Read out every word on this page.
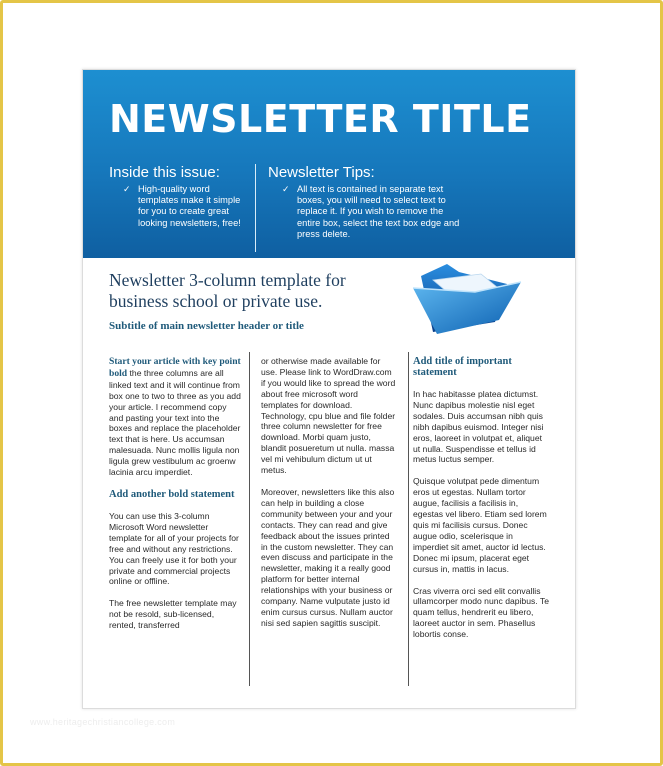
NEWSLETTER TITLE
Inside this issue:
✓ High-quality word templates make it simple for you to create great looking newsletters, free!
Newsletter Tips:
✓ All text is contained in separate text boxes, you will need to select text to replace it. If you wish to remove the entire box, select the text box edge and press delete.
Newsletter 3-column template for business school or private use.
Subtitle of main newsletter header or title

Start your article with key point bold the three columns are all linked text and it will continue from box one to two to three as you add your article. I recommend copy and pasting your text into the boxes and replace the placeholder text that is here. Us accumsan malesuada. Nunc mollis ligula non ligula grew vestibulum ac groenw lacinia arcu imperdiet.

Add another bold statement

You can use this 3-column Microsoft Word newsletter template for all of your projects for free and without any restrictions. You can freely use it for both your private and commercial projects online or offline.

The free newsletter template may not be resold, sub-licensed, rented, transferred

or otherwise made available for use. Please link to WordDraw.com if you would like to spread the word about free microsoft word templates for download. Technology, cpu blue and file folder three column newsletter for free download. Morbi quam justo, blandit posueretum ut nulla. massa vel mi vehibulum dictum ut ut metus.

Moreover, newsletters like this also can help in building a close community between your and your contacts. They can read and give feedback about the issues printed in the custom newsletter. They can even discuss and participate in the newsletter, making it a really good platform for better internal relationships with your business or company. Name vulputate justo id enim cursus cursus. Nullam auctor nisi sed sapien sagittis suscipit.

Add title of important statement

In hac habitasse platea dictumst. Nunc dapibus molestie nisl eget sodales. Duis accumsan nibh quis nibh dapibus euismod. Integer nisi eros, laoreet in volutpat et, aliquet ut nulla. Suspendisse et tellus id metus luctus semper.

Quisque volutpat pede dimentum eros ut egestas. Nullam tortor augue, facilisis a facilisis in, egestas vel libero. Etiam sed lorem quis mi facilisis cursus. Donec augue odio, scelerisque in imperdiet sit amet, auctor id lectus. Donec mi ipsum, placerat eget cursus in, mattis in lacus.

Cras viverra orci sed elit convallis ullamcorper modo nunc dapibus. Te quam tellus, hendrerit eu libero, laoreet auctor in sem. Phasellus lobortis conse.

www.heritagechristiancollege.com
